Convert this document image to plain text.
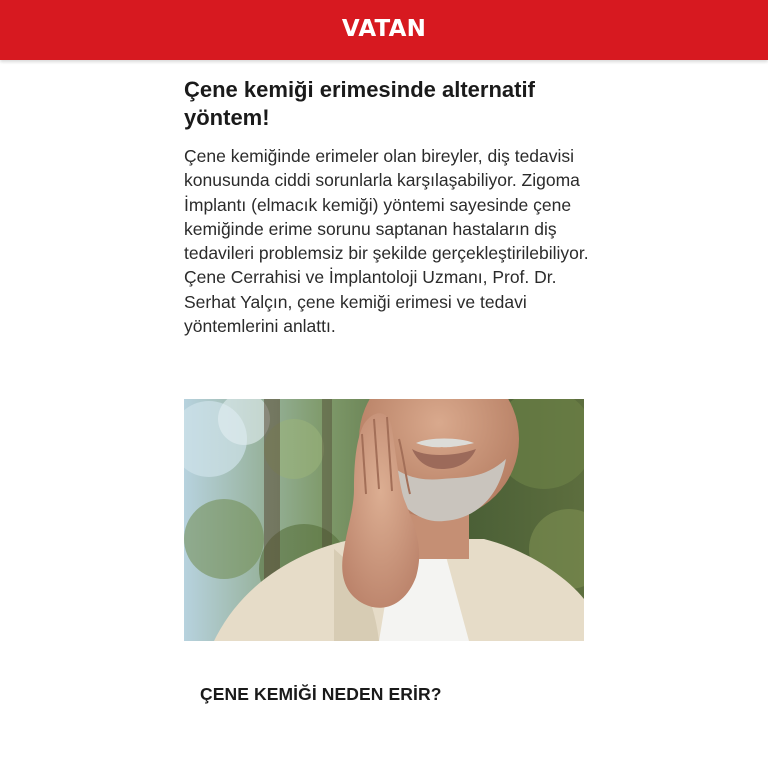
VATAN
Çene kemiği erimesinde alternatif yöntem!

Çene kemiğinde erimeler olan bireyler, diş tedavisi konusunda ciddi sorunlarla karşılaşabiliyor. Zigoma İmplantı (elmacık kemiği) yöntemi sayesinde çene kemiğinde erime sorunu saptanan hastaların diş tedavileri problemsiz bir şekilde gerçekleştirilebiliyor. Çene Cerrahisi ve İmplantoloji Uzmanı, Prof. Dr. Serhat Yalçın, çene kemiği erimesi ve tedavi yöntemlerini anlattı.

ÇENE KEMİĞİ NEDEN ERİR?
